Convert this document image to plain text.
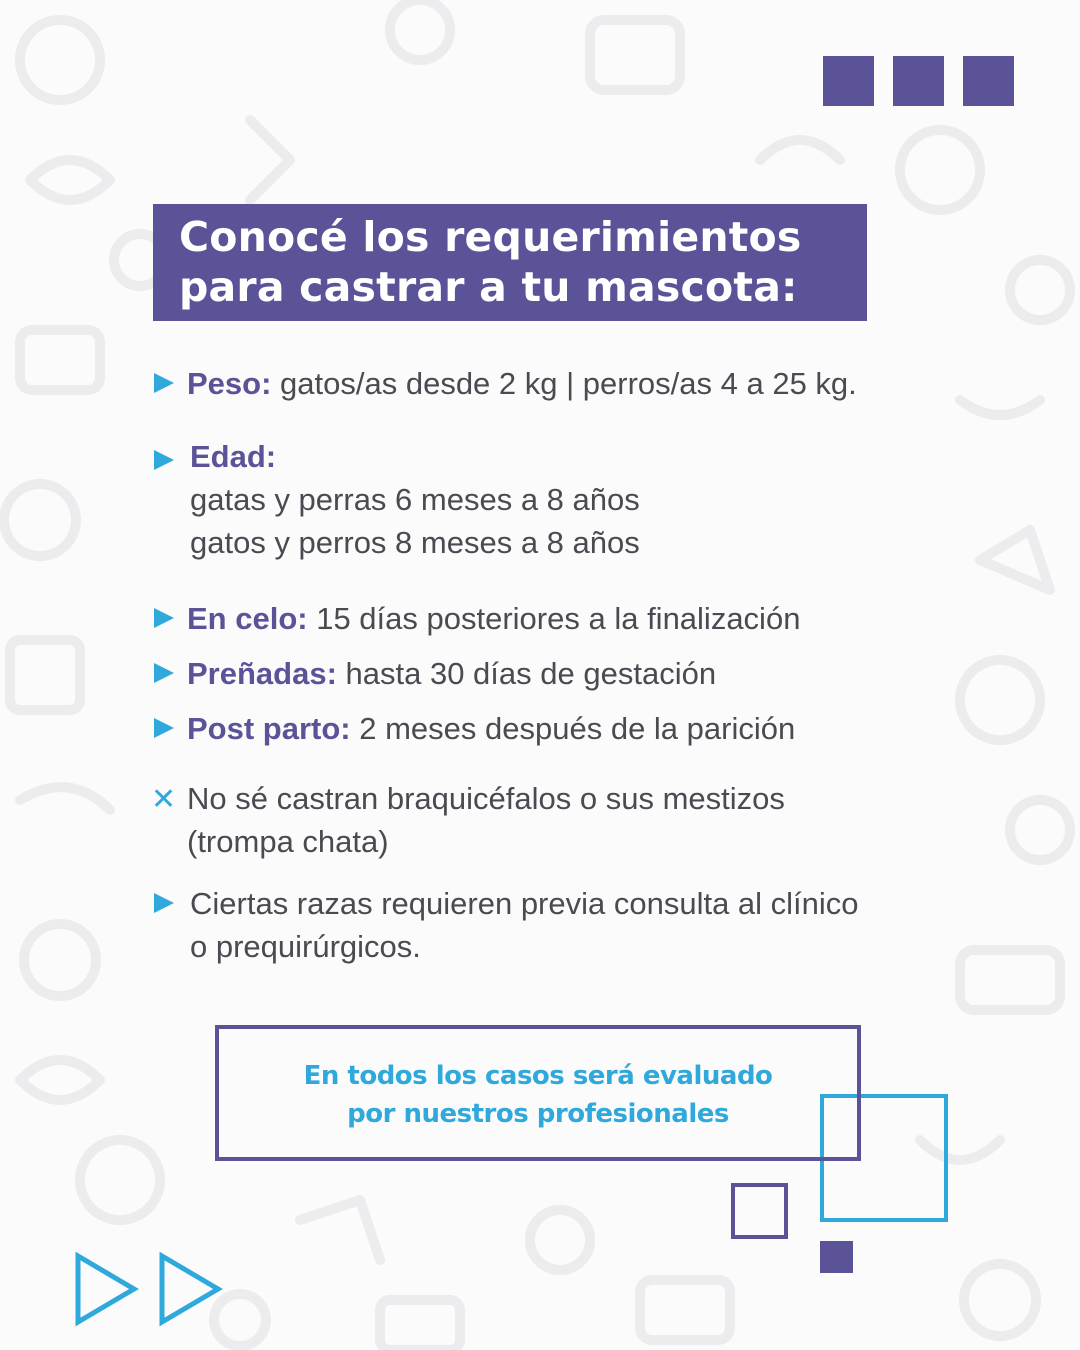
Conocé los requerimientos
para castrar a tu mascota:
Peso: gatos/as desde 2 kg | perros/as 4 a 25 kg.
Edad:
gatas y perras 6 meses a 8 años
gatos y perros 8 meses a 8 años
En celo: 15 días posteriores a la finalización
Preñadas: hasta 30 días de gestación
Post parto: 2 meses después de la parición
✕ No sé castran braquicéfalos o sus mestizos
(trompa chata)
Ciertas razas requieren previa consulta al clínico
o prequirúrgicos.
En todos los casos será evaluado
por nuestros profesionales
